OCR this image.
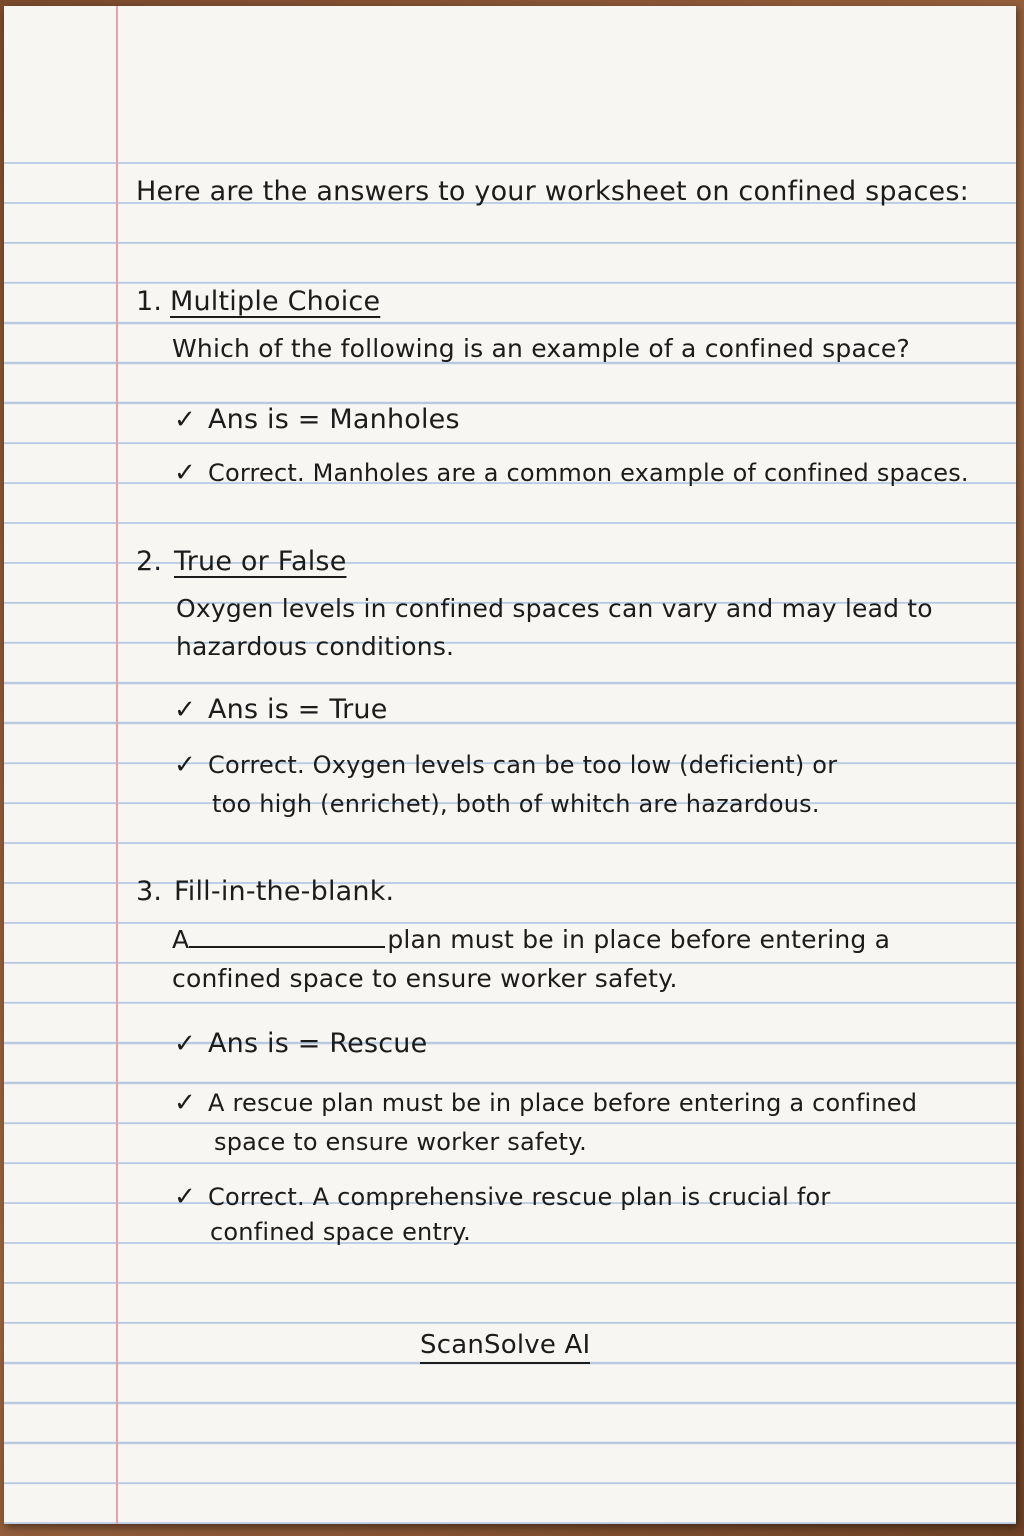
Here are the answers to your worksheet on confined spaces:
1. Multiple Choice
Which of the following is an example of a confined space?
✓ Ans is = Manholes
✓ Correct. Manholes are a common example of confined spaces.
2. True or False
Oxygen levels in confined spaces can vary and may lead to
hazardous conditions.
✓ Ans is = True
✓ Correct. Oxygen levels can be too low (deficient) or
too high (enrichet), both of whitch are hazardous.
3. Fill-in-the-blank.
A	plan must be in place before entering a
confined space to ensure worker safety.
✓ Ans is = Rescue
✓ A rescue plan must be in place before entering a confined
space to ensure worker safety.
✓ Correct. A comprehensive rescue plan is crucial for
confined space entry.
ScanSolve AI
